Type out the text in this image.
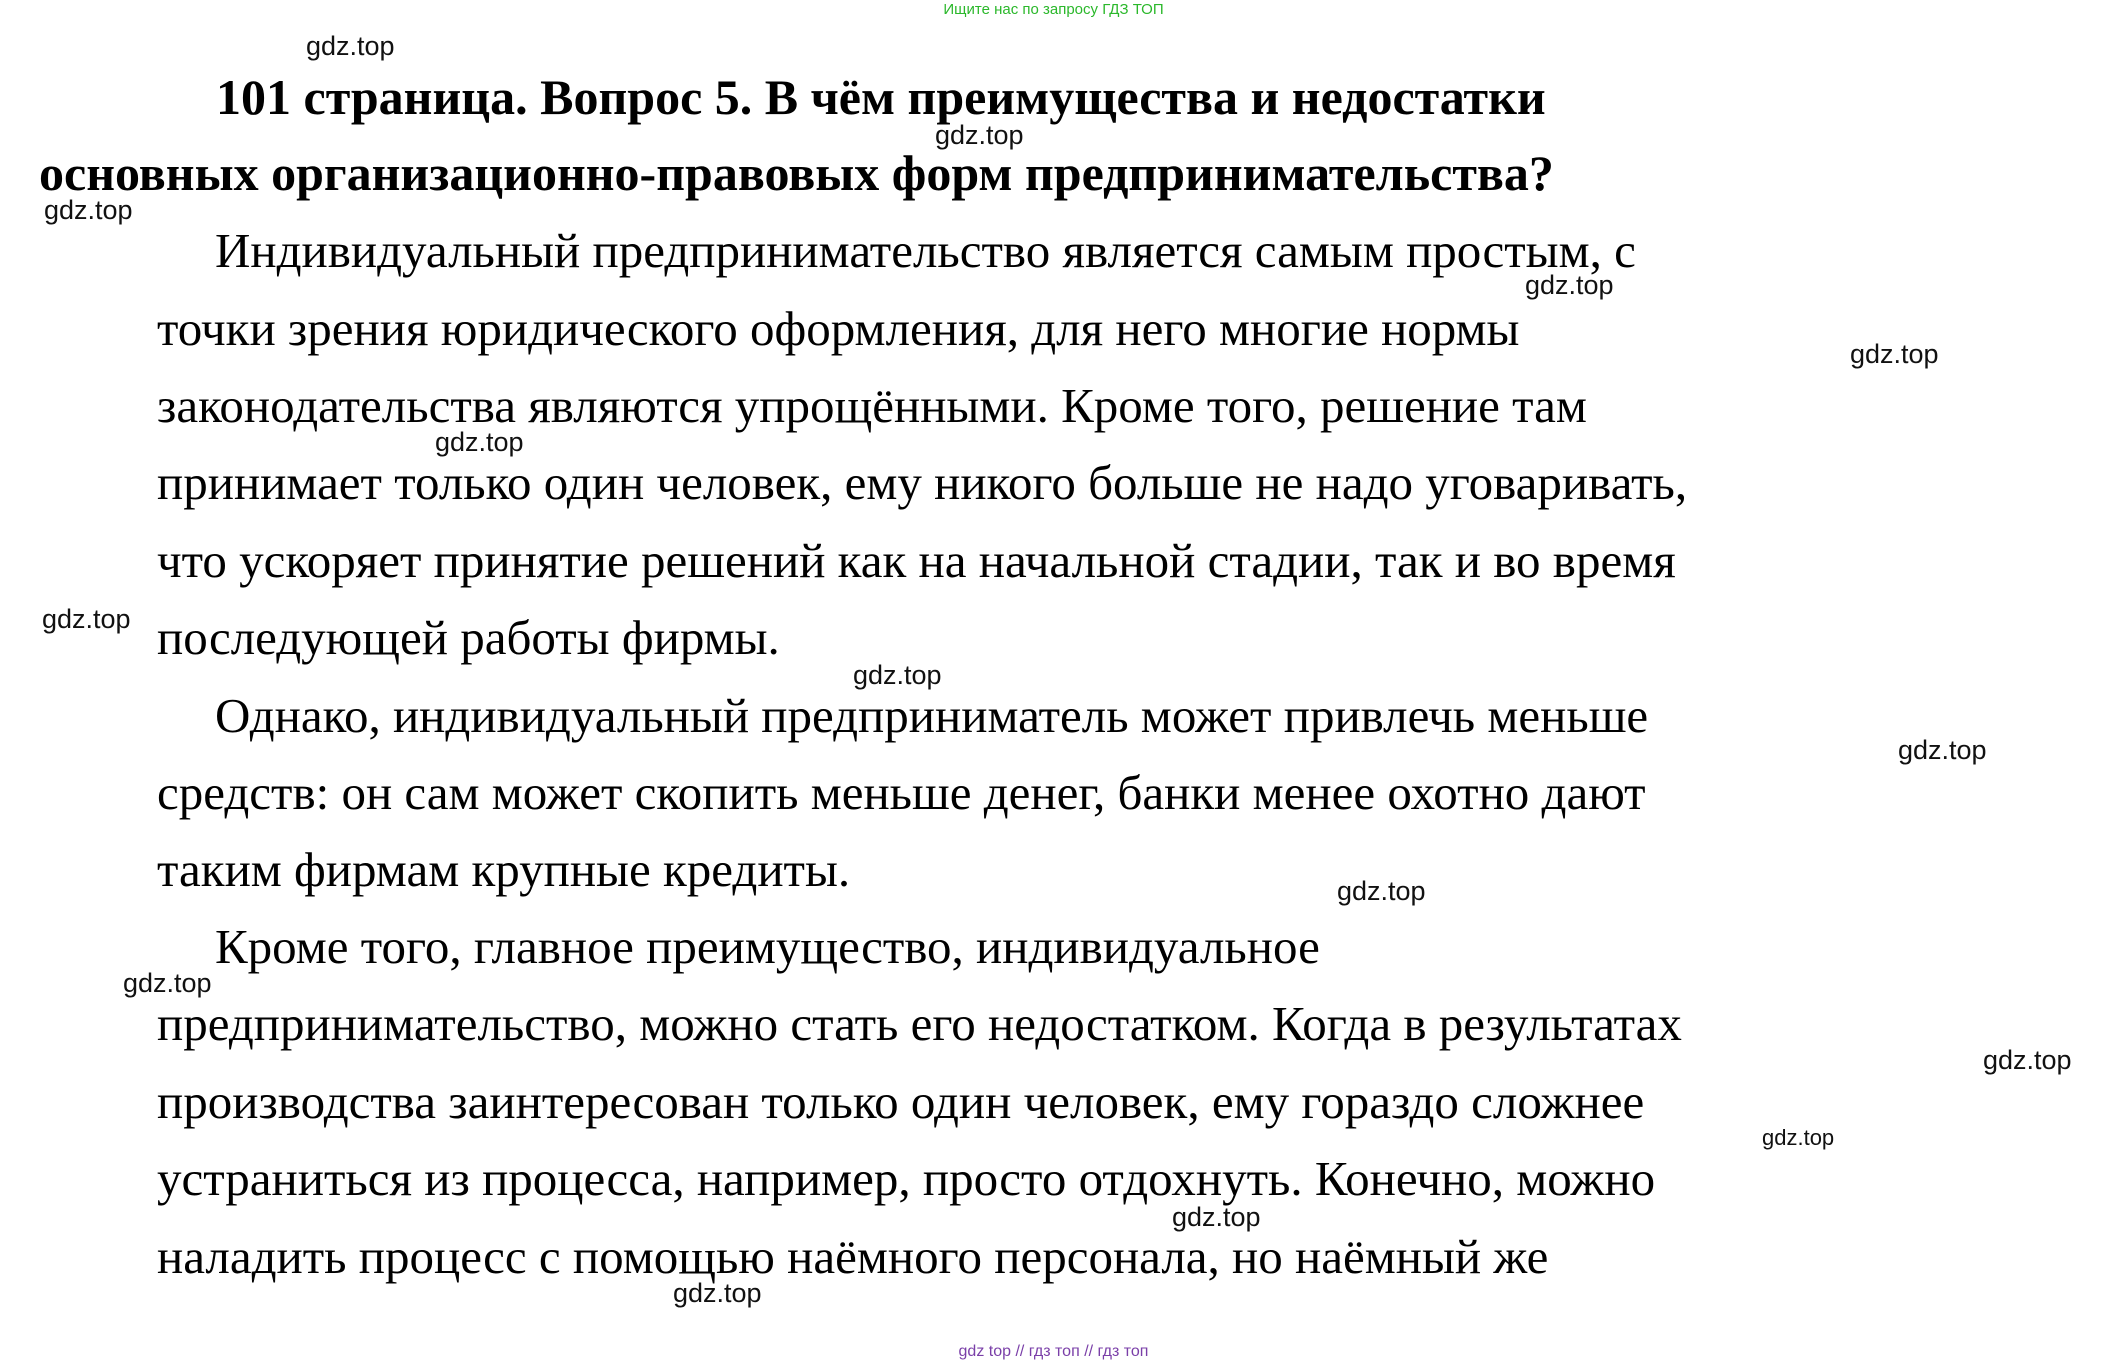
Ищите нас по запросу ГДЗ ТОП
101 страница. Вопрос 5. В чём преимущества и недостатки
основных организационно-правовых форм предпринимательства?
Индивидуальный предпринимательство является самым простым, с
точки зрения юридического оформления, для него многие нормы
законодательства являются упрощёнными. Кроме того, решение там
принимает только один человек, ему никого больше не надо уговаривать,
что ускоряет принятие решений как на начальной стадии, так и во время
последующей работы фирмы.
Однако, индивидуальный предприниматель может привлечь меньше
средств: он сам может скопить меньше денег, банки менее охотно дают
таким фирмам крупные кредиты.
Кроме того, главное преимущество, индивидуальное
предпринимательство, можно стать его недостатком. Когда в результатах
производства заинтересован только один человек, ему гораздо сложнее
устраниться из процесса, например, просто отдохнуть. Конечно, можно
наладить процесс с помощью наёмного персонала, но наёмный же
gdz.top
gdz.top
gdz.top
gdz.top
gdz.top
gdz.top
gdz.top
gdz.top
gdz.top
gdz.top
gdz.top
gdz.top
gdz.top
gdz.top
gdz.top
gdz top // гдз топ // гдз топ
